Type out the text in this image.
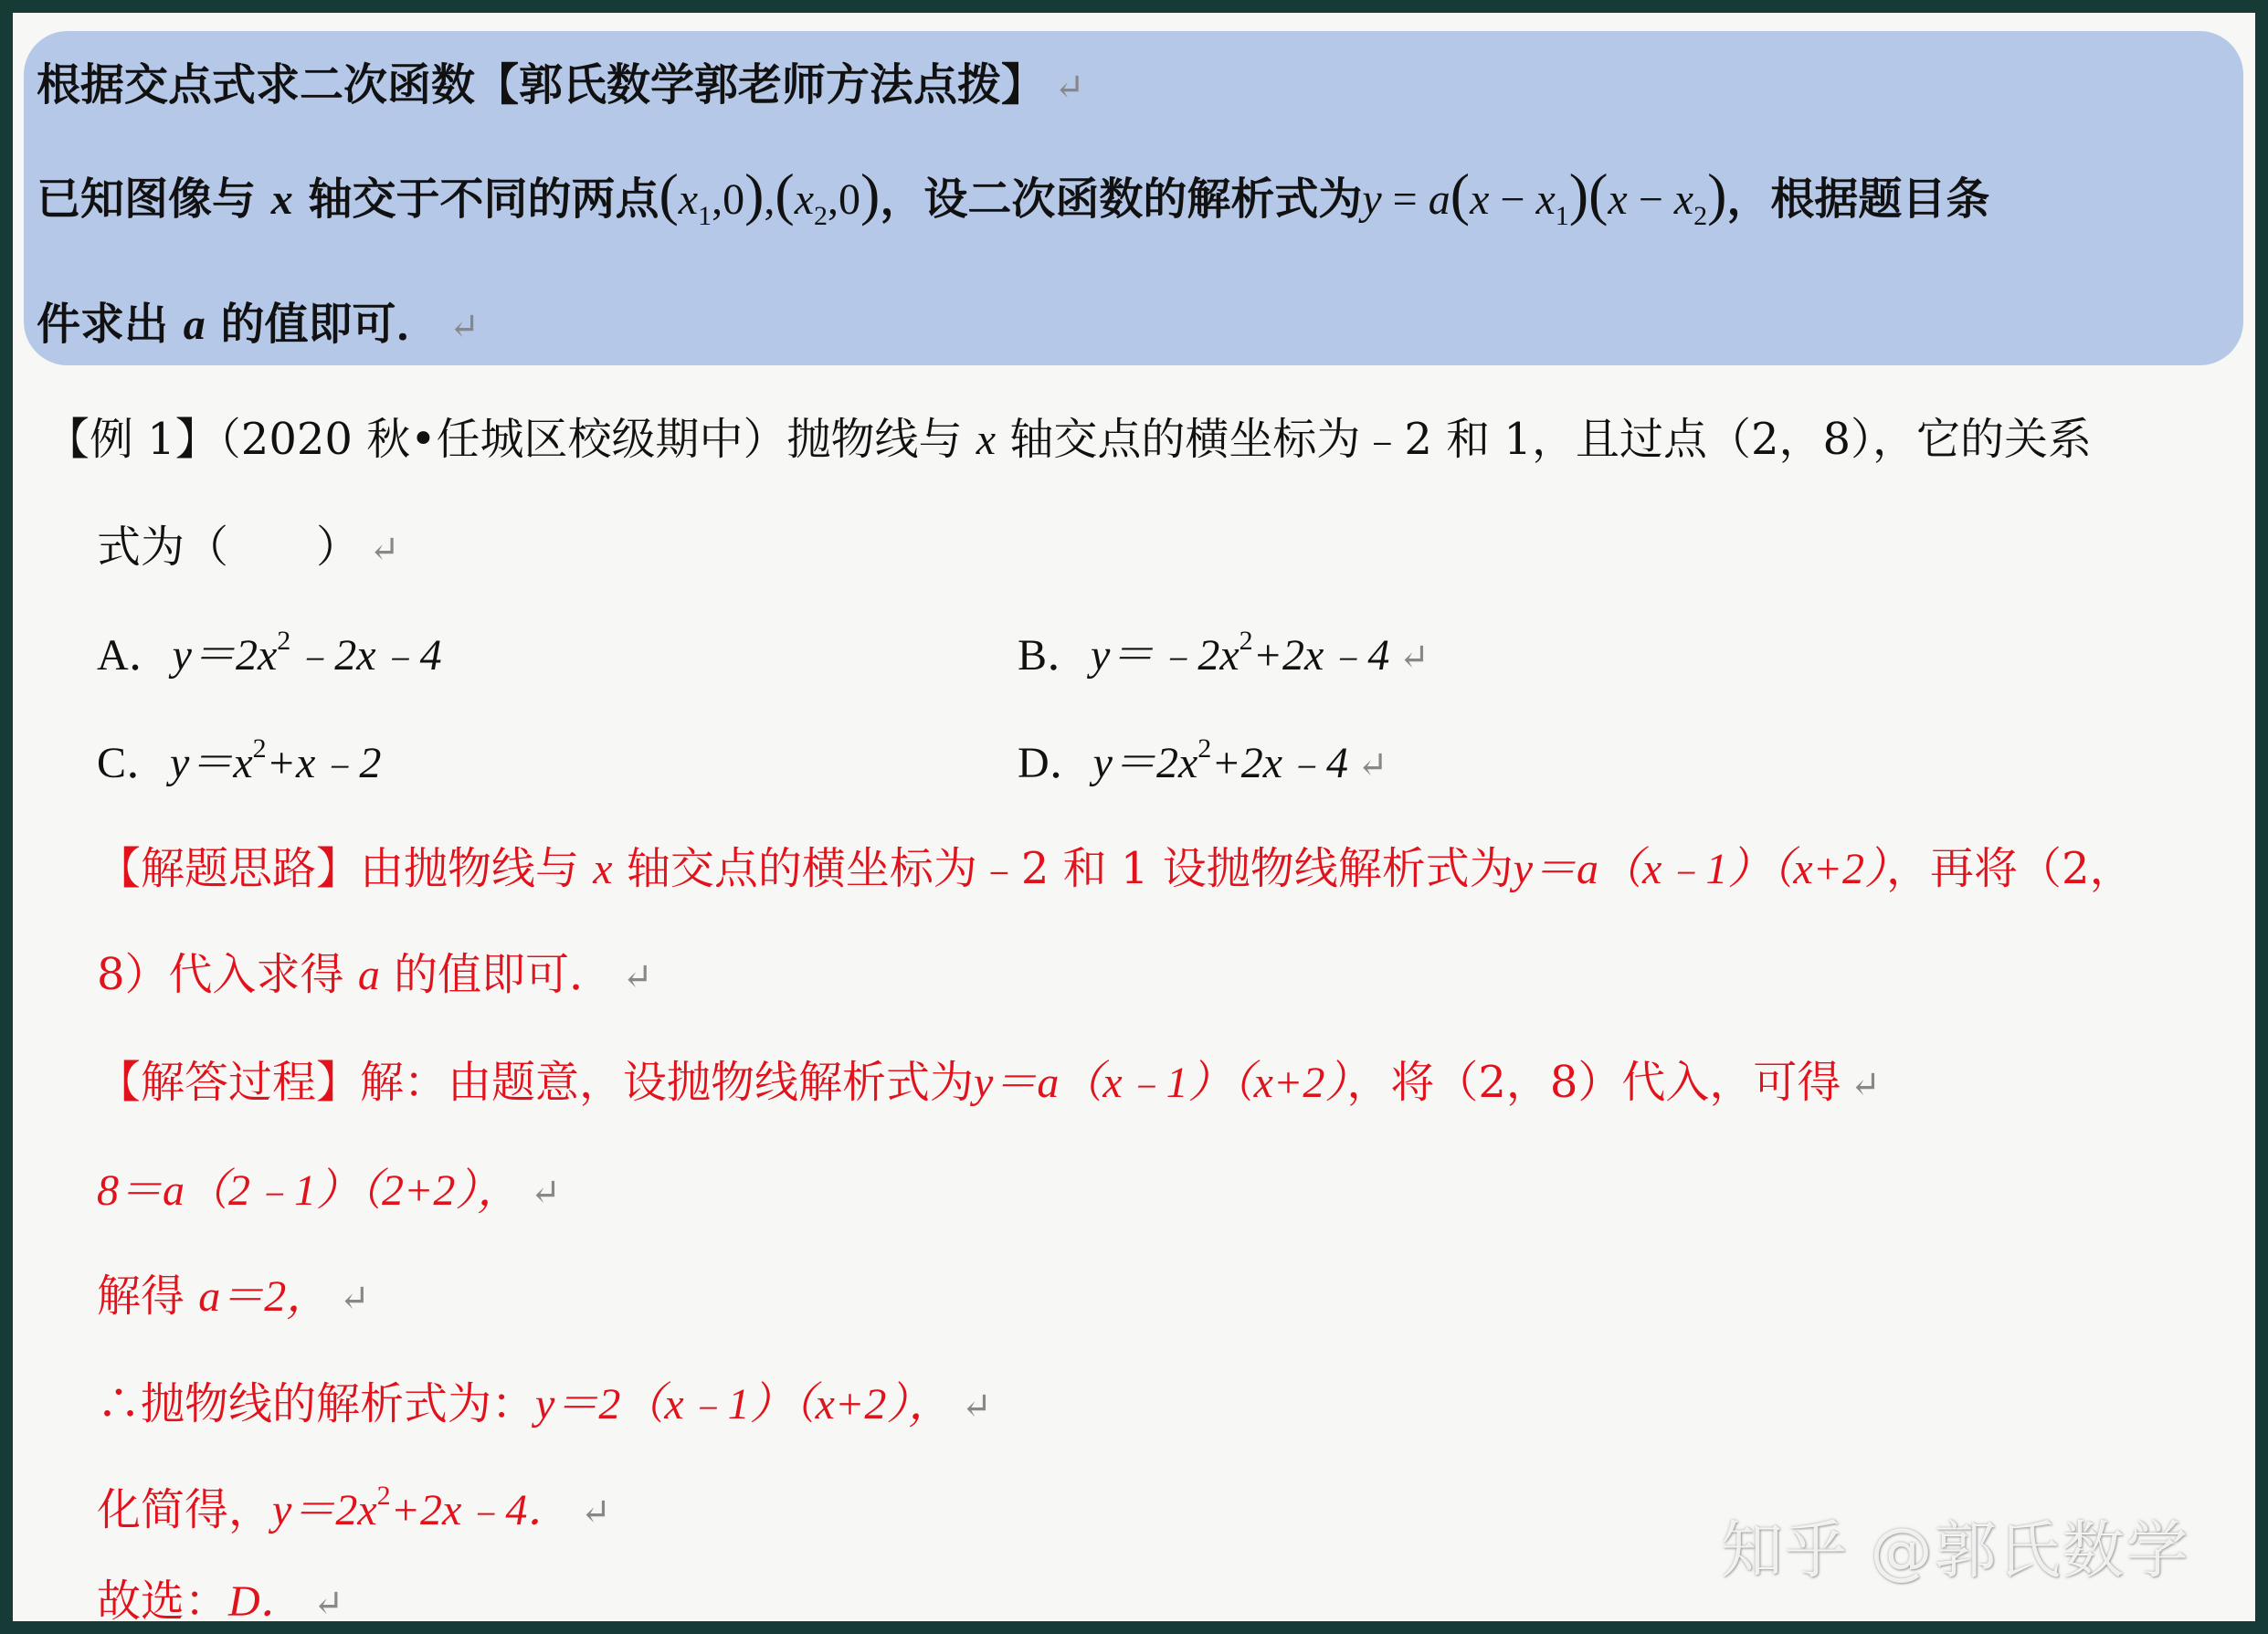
根据交点式求二次函数【郭氏数学郭老师方法点拨】 ↵
已知图像与 x 轴交于不同的两点$(x_1,0),(x_2,0)$，设二次函数的解析式为$y = a(x - x_1)(x - x_2)$，根据题目条
件求出 a 的值即可． ↵
【例 1】（2020 秋•任城区校级期中）抛物线与 x 轴交点的横坐标为﹣2 和 1，且过点（2，8），它的关系
式为（　　） ↵
A．$y=2x^2﹣2x﹣4$	B．$y=﹣2x^2+2x﹣4$ ↵
C．$y=x^2+x﹣2$	D．$y=2x^2+2x﹣4$ ↵
【解题思路】由抛物线与 x 轴交点的横坐标为﹣2 和 1 设抛物线解析式为y＝a（x﹣1）（x+2），再将（2，
8）代入求得 a 的值即可． ↵
【解答过程】解：由题意，设抛物线解析式为y＝a（x﹣1）（x+2），将（2，8）代入，可得 ↵
8＝a（2﹣1）（2+2）， ↵
解得 a＝2， ↵
∴抛物线的解析式为：y＝2（x﹣1）（x+2）， ↵
化简得，$y=2x^2+2x﹣4$． ↵
故选：D． ↵
知乎 @郭氏数学
